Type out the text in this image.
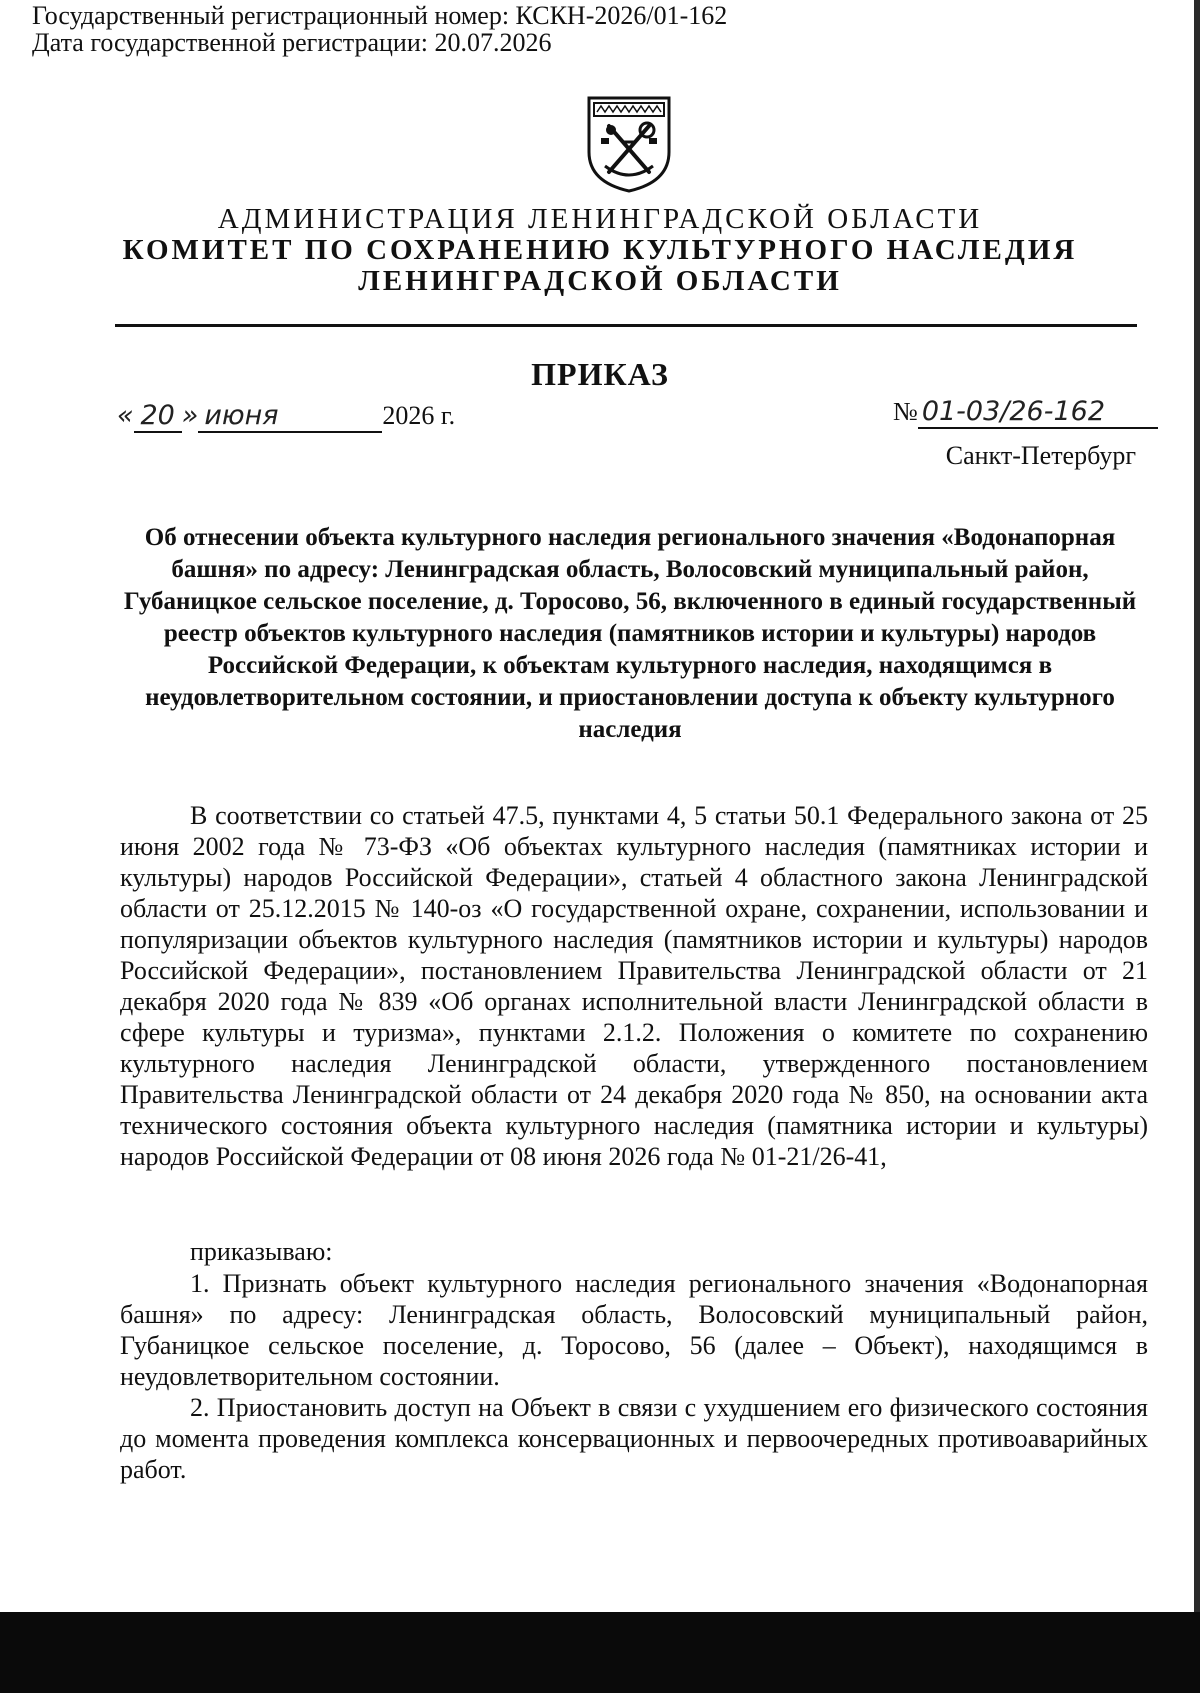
Государственный регистрационный номер: КСКН-2026/01-162
Дата государственной регистрации: 20.07.2026
АДМИНИСТРАЦИЯ ЛЕНИНГРАДСКОЙ ОБЛАСТИ
КОМИТЕТ ПО СОХРАНЕНИЮ КУЛЬТУРНОГО НАСЛЕДИЯ
ЛЕНИНГРАДСКОЙ ОБЛАСТИ
ПРИКАЗ
« 20 » июня	2026 г.	№ 01-03/26-162
Санкт-Петербург
Об отнесении объекта культурного наследия регионального значения «Водонапорная башня» по адресу: Ленинградская область, Волосовский муниципальный район, Губаницкое сельское поселение, д. Торосово, 56, включенного в единый государственный реестр объектов культурного наследия (памятников истории и культуры) народов Российской Федерации, к объектам культурного наследия, находящимся в неудовлетворительном состоянии, и приостановлении доступа к объекту культурного наследия
В соответствии со статьей 47.5, пунктами 4, 5 статьи 50.1 Федерального закона от 25 июня 2002 года № 73-ФЗ «Об объектах культурного наследия (памятниках истории и культуры) народов Российской Федерации», статьей 4 областного закона Ленинградской области от 25.12.2015 № 140-оз «О государственной охране, сохранении, использовании и популяризации объектов культурного наследия (памятников истории и культуры) народов Российской Федерации», постановлением Правительства Ленинградской области от 21 декабря 2020 года № 839 «Об органах исполнительной власти Ленинградской области в сфере культуры и туризма», пунктами 2.1.2. Положения о комитете по сохранению культурного наследия Ленинградской области, утвержденного постановлением Правительства Ленинградской области от 24 декабря 2020 года № 850, на основании акта технического состояния объекта культурного наследия (памятника истории и культуры) народов Российской Федерации от 08 июня 2026 года № 01-21/26-41,
приказываю:
1. Признать объект культурного наследия регионального значения «Водонапорная башня» по адресу: Ленинградская область, Волосовский муниципальный район, Губаницкое сельское поселение, д. Торосово, 56 (далее – Объект), находящимся в неудовлетворительном состоянии.
2. Приостановить доступ на Объект в связи с ухудшением его физического состояния до момента проведения комплекса консервационных и первоочередных противоаварийных работ.
